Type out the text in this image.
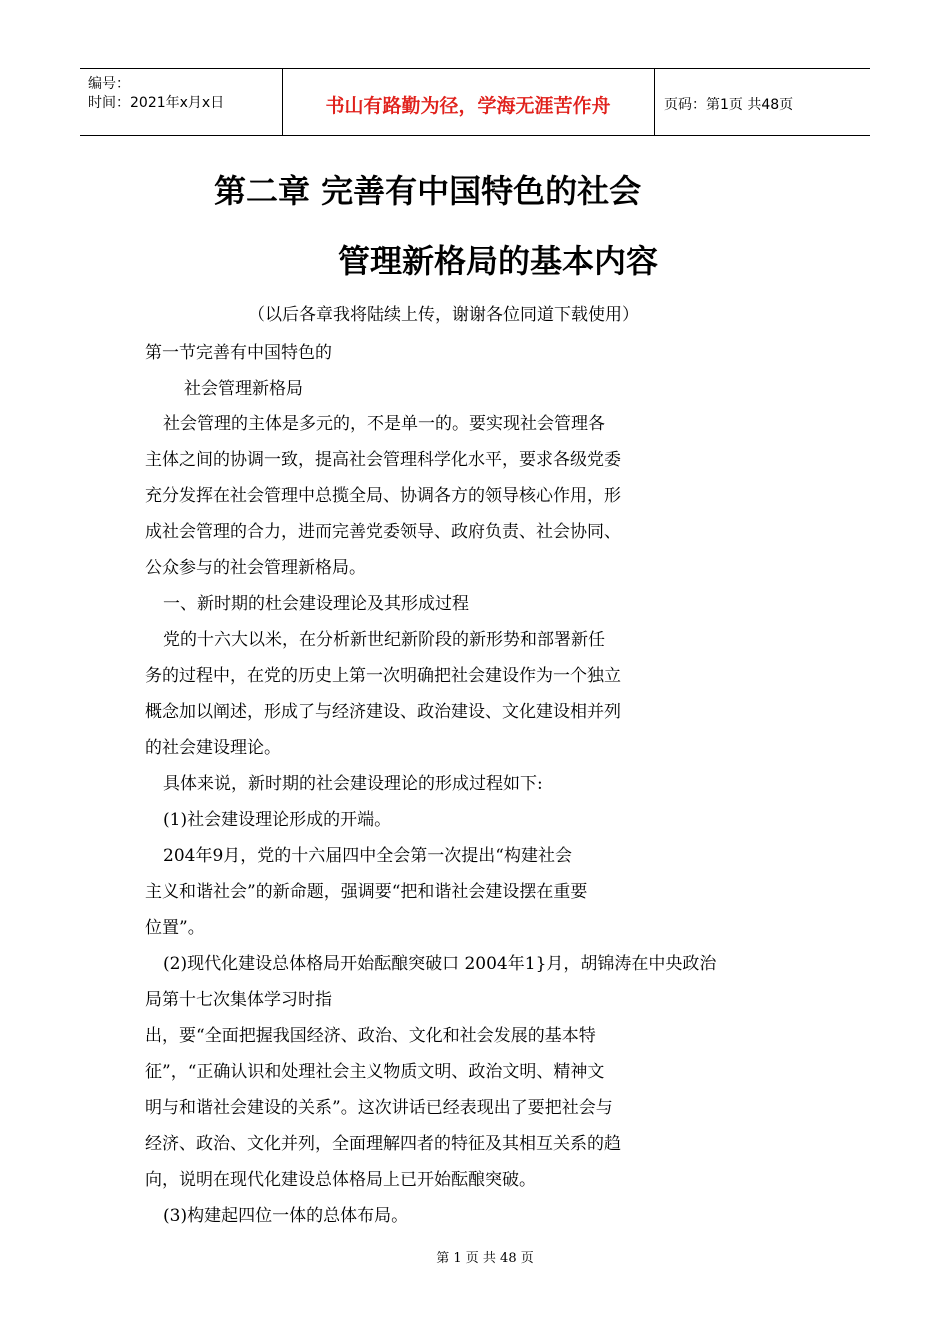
编号：
时间：2021年x月x日	书山有路勤为径，学海无涯苦作舟	页码：第1页 共48页
第二章 完善有中国特色的社会
管理新格局的基本内容
（以后各章我将陆续上传，谢谢各位同道下载使用）
第一节完善有中国特色的
社会管理新格局
社会管理的主体是多元的，不是单一的。要实现社会管理各
主体之间的协调一致，提高社会管理科学化水平，要求各级党委
充分发挥在社会管理中总揽全局、协调各方的领导核心作用，形
成社会管理的合力，进而完善党委领导、政府负责、社会协同、
公众参与的社会管理新格局。
一、新时期的杜会建设理论及其形成过程
党的十六大以米，在分析新世纪新阶段的新形势和部署新任
务的过程中，在党的历史上第一次明确把社会建设作为一个独立
概念加以阐述，形成了与经济建设、政治建设、文化建设相并列
的社会建设理论。
具体来说，新时期的社会建设理论的形成过程如下:
(1)社会建设理论形成的开端。
204年9月，党的十六届四中全会第一次提出“构建社会
主义和谐社会”的新命题，强调要“把和谐社会建设摆在重要
位置”。
(2)现代化建设总体格局开始酝酿突破口 2004年1}月，胡锦涛在中央政治
局第十七次集体学习时指
出，要“全面把握我国经济、政治、文化和社会发展的基本特
征”，“正确认识和处理社会主义物质文明、政治文明、精神文
明与和谐社会建设的关系”。这次讲话已经表现出了要把社会与
经济、政治、文化并列，全面理解四者的特征及其相互关系的趋
向，说明在现代化建设总体格局上已开始酝酿突破。
(3)构建起四位一体的总体布局。
第 1 页 共 48 页
